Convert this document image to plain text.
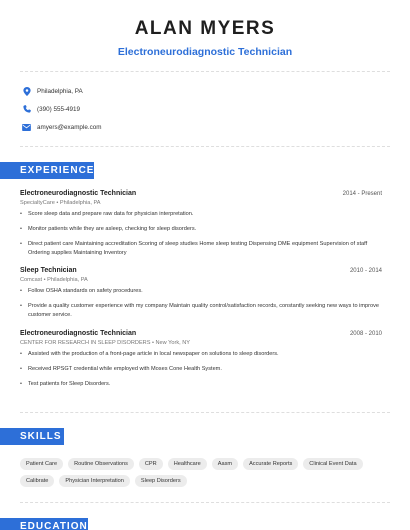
ALAN MYERS
Electroneurodiagnostic Technician
Philadelphia, PA
(390) 555-4919
amyers@example.com
EXPERIENCE
Electroneurodiagnostic Technician	2014 - Present
SpecialtyCare • Philadelphia, PA
• Score sleep data and prepare raw data for physician interpretation.
• Monitor patients while they are asleep, checking for sleep disorders.
• Direct patient care Maintaining accreditation Scoring of sleep studies Home sleep testing Dispensing DME equipment Supervision of staff Ordering supplies Maintaining Inventory
Sleep Technician	2010 - 2014
Comcast • Philadelphia, PA
• Follow OSHA standards on safety procedures.
• Provide a quality customer experience with my company Maintain quality control/satisfaction records, constantly seeking new ways to improve customer service.
Electroneurodiagnostic Technician	2008 - 2010
CENTER FOR RESEARCH IN SLEEP DISORDERS • New York, NY
• Assisted with the production of a front-page article in local newspaper on solutions to sleep disorders.
• Received RPSGT credential while employed with Moses Cone Health System.
• Test patients for Sleep Disorders.
SKILLS
Patient Care	Routine Observations	CPR	Healthcare	Aasm	Accurate Reports	Clinical Event Data
Calibrate	Physician Interpretation	Sleep Disorders
EDUCATION
